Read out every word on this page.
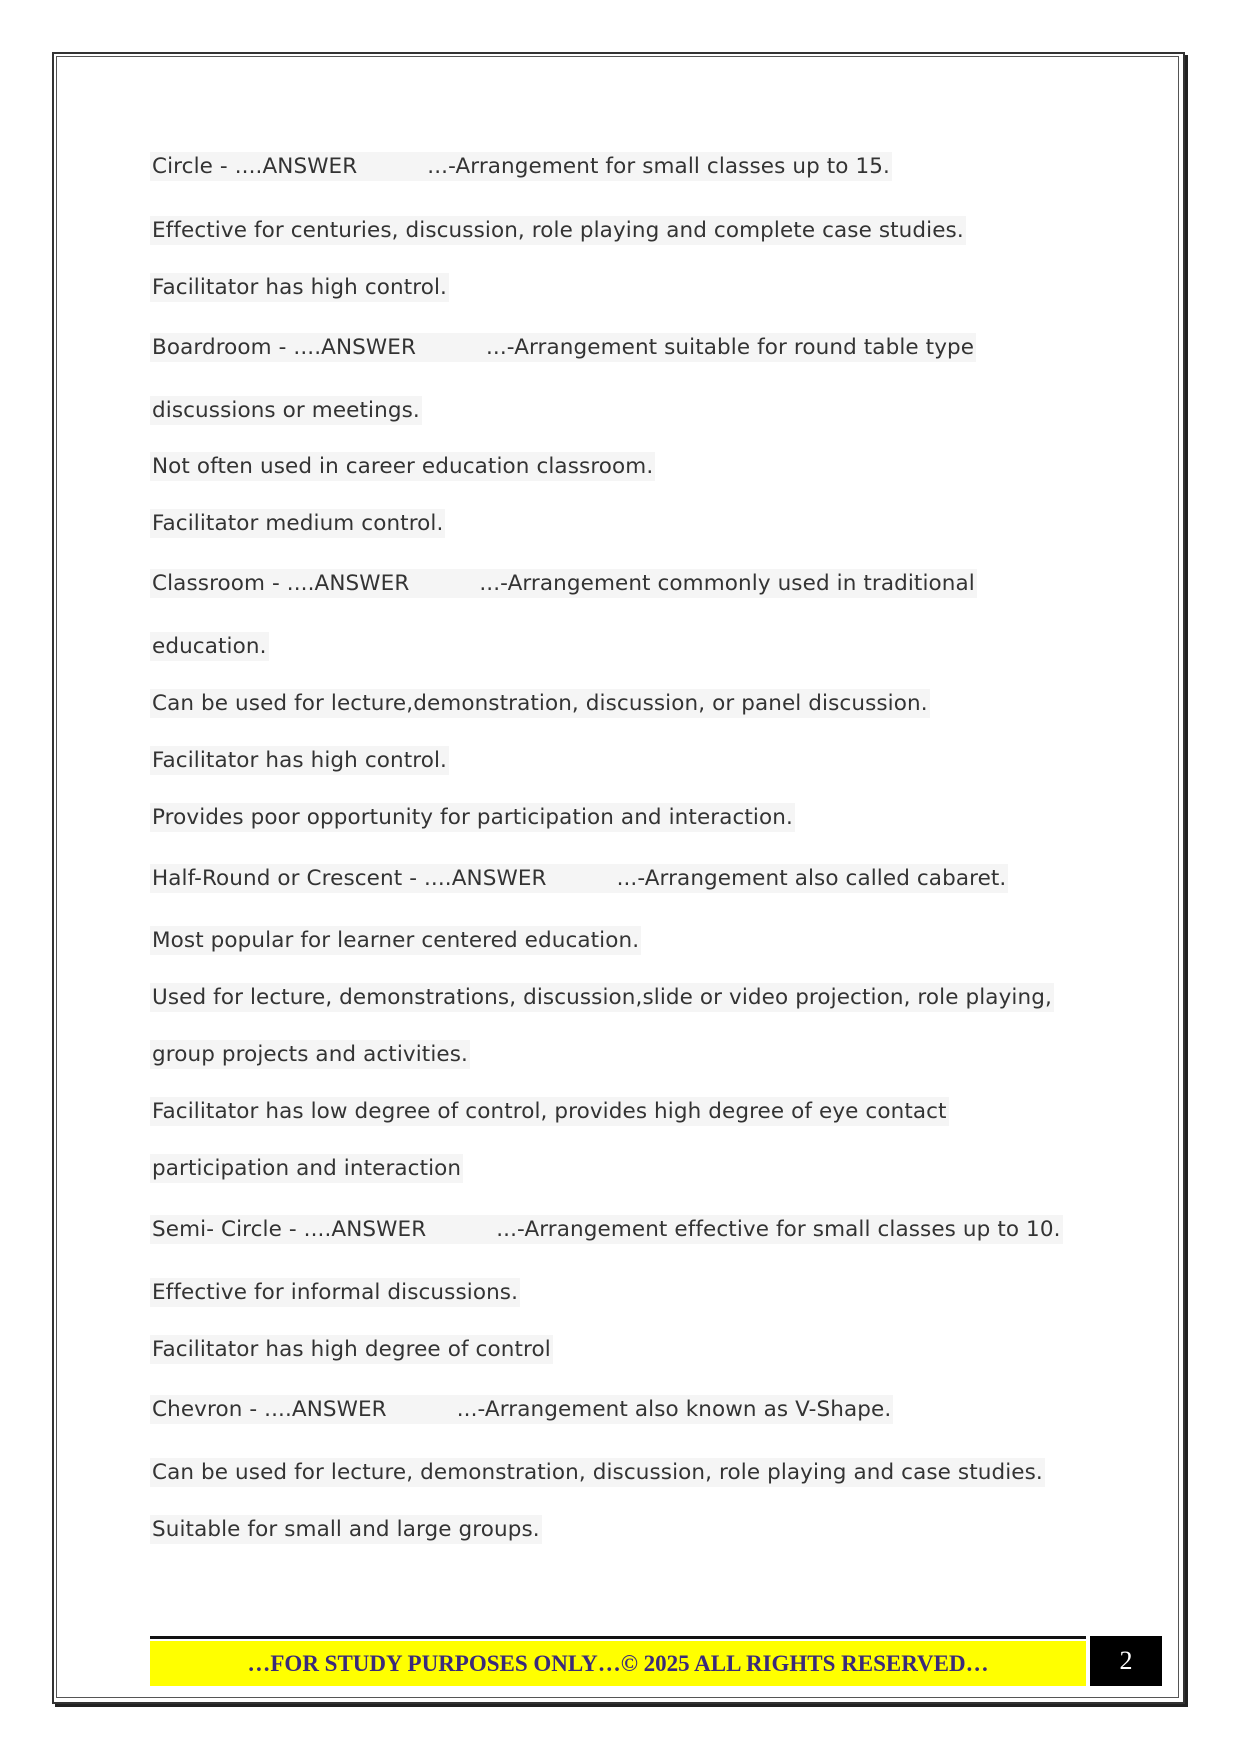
Circle - ....ANSWER	...-Arrangement for small classes up to 15.
Effective for centuries, discussion, role playing and complete case studies.
Facilitator has high control.
Boardroom - ....ANSWER	...-Arrangement suitable for round table type
discussions or meetings.
Not often used in career education classroom.
Facilitator medium control.
Classroom - ....ANSWER	...-Arrangement commonly used in traditional
education.
Can be used for lecture,demonstration, discussion, or panel discussion.
Facilitator has high control.
Provides poor opportunity for participation and interaction.
Half-Round or Crescent - ....ANSWER	...-Arrangement also called cabaret.
Most popular for learner centered education.
Used for lecture, demonstrations, discussion,slide or video projection, role playing,
group projects and activities.
Facilitator has low degree of control, provides high degree of eye contact
participation and interaction
Semi- Circle - ....ANSWER	...-Arrangement effective for small classes up to 10.
Effective for informal discussions.
Facilitator has high degree of control
Chevron - ....ANSWER	...-Arrangement also known as V-Shape.
Can be used for lecture, demonstration, discussion, role playing and case studies.
Suitable for small and large groups.
…FOR STUDY PURPOSES ONLY…© 2025 ALL RIGHTS RESERVED…	2
